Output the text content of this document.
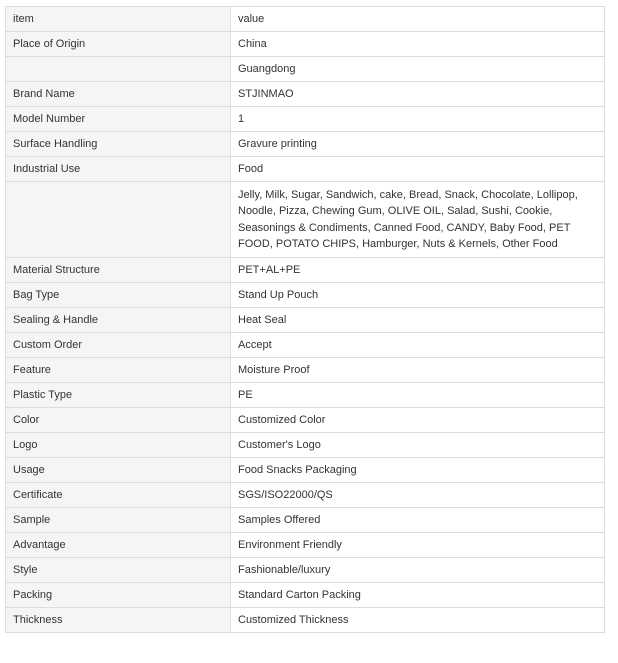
item	value
Place of Origin	China
	Guangdong
Brand Name	STJINMAO
Model Number	1
Surface Handling	Gravure printing
Industrial Use	Food
	Jelly, Milk, Sugar, Sandwich, cake, Bread, Snack, Chocolate, Lollipop, Noodle, Pizza, Chewing Gum, OLIVE OIL, Salad, Sushi, Cookie, Seasonings & Condiments, Canned Food, CANDY, Baby Food, PET FOOD, POTATO CHIPS, Hamburger, Nuts & Kernels, Other Food
Material Structure	PET+AL+PE
Bag Type	Stand Up Pouch
Sealing & Handle	Heat Seal
Custom Order	Accept
Feature	Moisture Proof
Plastic Type	PE
Color	Customized Color
Logo	Customer's Logo
Usage	Food Snacks Packaging
Certificate	SGS/ISO22000/QS
Sample	Samples Offered
Advantage	Environment Friendly
Style	Fashionable/luxury
Packing	Standard Carton Packing
Thickness	Customized Thickness
